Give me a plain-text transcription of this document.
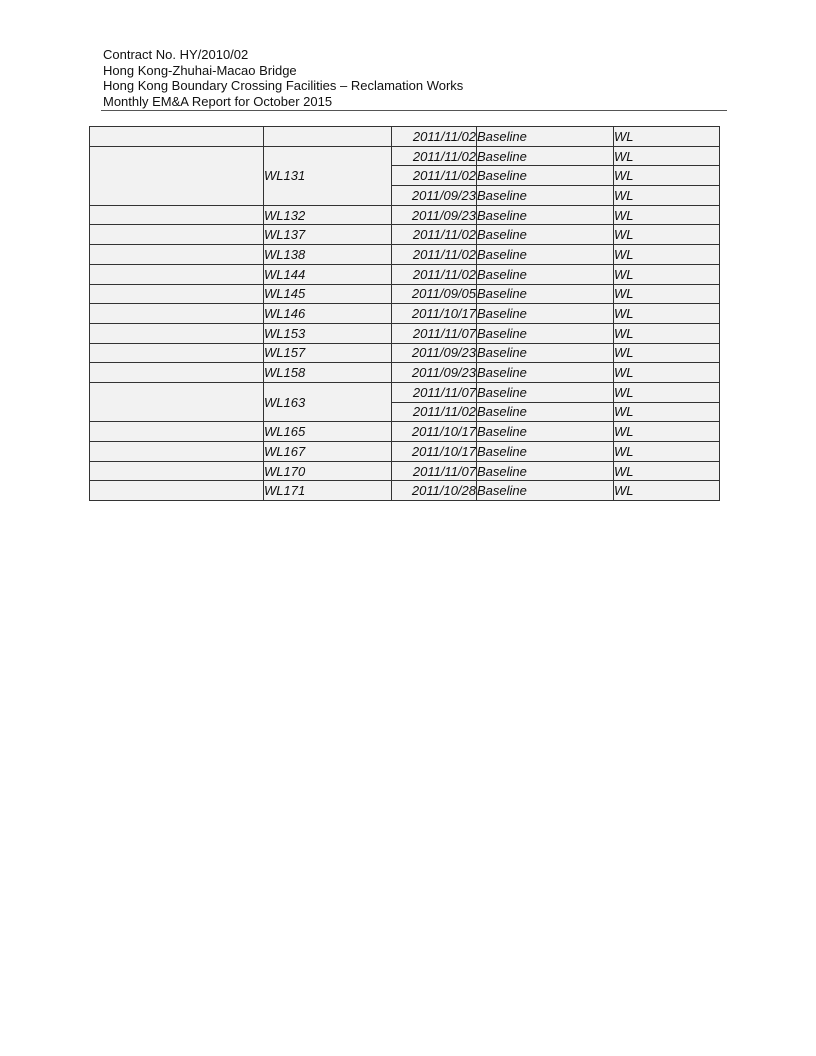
Contract No. HY/2010/02
Hong Kong-Zhuhai-Macao Bridge
Hong Kong Boundary Crossing Facilities – Reclamation Works
Monthly EM&A Report for October 2015
		2011/11/02	Baseline	WL
	WL131	2011/11/02	Baseline	WL
		2011/11/02	Baseline	WL
		2011/09/23	Baseline	WL
	WL132	2011/09/23	Baseline	WL
	WL137	2011/11/02	Baseline	WL
	WL138	2011/11/02	Baseline	WL
	WL144	2011/11/02	Baseline	WL
	WL145	2011/09/05	Baseline	WL
	WL146	2011/10/17	Baseline	WL
	WL153	2011/11/07	Baseline	WL
	WL157	2011/09/23	Baseline	WL
	WL158	2011/09/23	Baseline	WL
	WL163	2011/11/07	Baseline	WL
		2011/11/02	Baseline	WL
	WL165	2011/10/17	Baseline	WL
	WL167	2011/10/17	Baseline	WL
	WL170	2011/11/07	Baseline	WL
	WL171	2011/10/28	Baseline	WL
